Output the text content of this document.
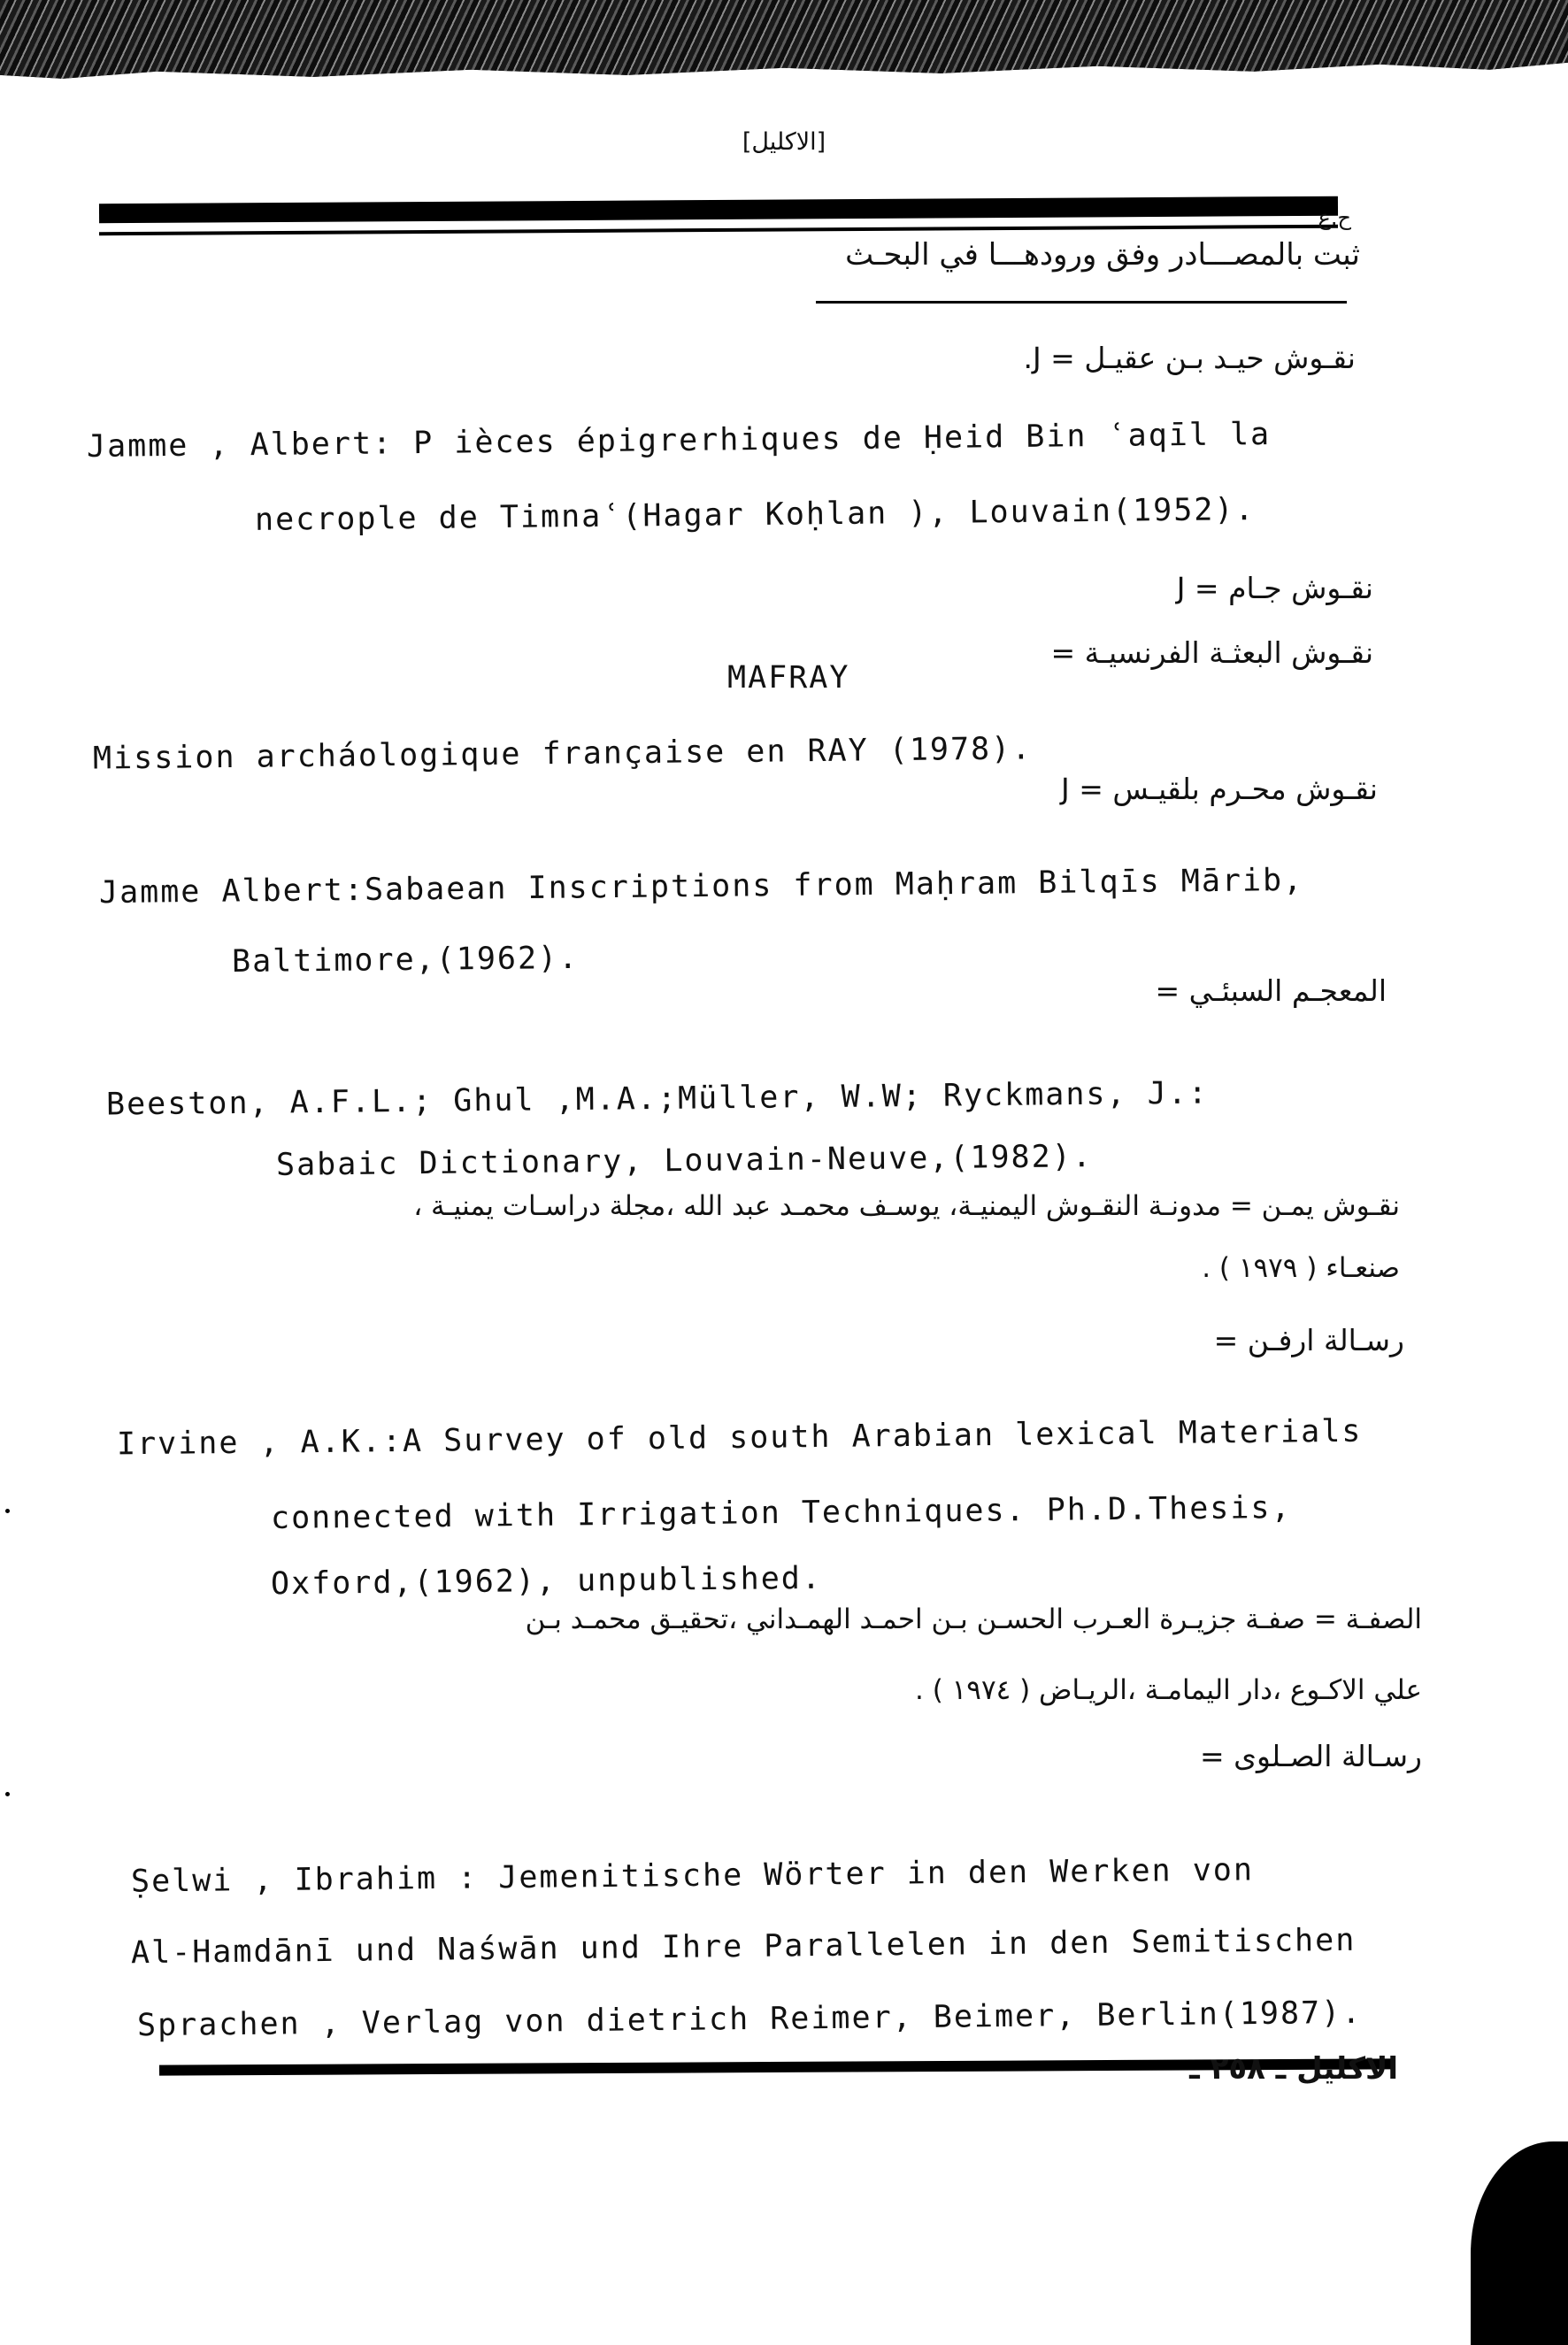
[الاكليل]
ح.ع
ثبت بالمصـــادر وفق ورودهـــا في البحـث
نقـوش حيـد بـن عقيـل = J.
Jamme , Albert: P ièces épigrerhiques de Ḥeid Bin ʿaqīl la
necrople de Timnaʿ(Hagar Koḥlan ), Louvain(1952).
نقـوش جـام = J
نقـوش البعثـة الفرنسيـة =
MAFRAY
Mission archáologique française en RAY (1978).
نقـوش محـرم بلقيـس = J
Jamme Albert:Sabaean Inscriptions from Maḥram Bilqīs Mārib,
Baltimore,(1962).
المعجـم السبئـي =
Beeston, A.F.L.; Ghul ,M.A.;Müller, W.W; Ryckmans, J.:
Sabaic Dictionary, Louvain-Neuve,(1982).
نقـوش يمـن = مدونـة النقـوش اليمنيـة، يوسـف محمـد عبد الله ،مجلة دراسـات يمنيـة ،
صنعـاء ( ١٩٧٩ ) .
رسـالة ارفـن =
Irvine , A.K.:A Survey of old south Arabian lexical Materials
connected with Irrigation Techniques. Ph.D.Thesis,
Oxford,(1962), unpublished.
الصفـة = صفـة جزيـرة العـرب الحسـن بـن احمـد الهمـداني ،تحقيـق محمـد بـن
علي الاكـوع ،دار اليمامـة ،الريـاض ( ١٩٧٤ ) .
رسـالة الصـلوى =
Ṣelwi , Ibrahim : Jemenitische Wörter in den Werken von
Al-Hamdānī und Naśwān und Ihre Parallelen in den Semitischen
Sprachen , Verlag von dietrich Reimer, Beimer, Berlin(1987).
الاكليل ـ ٢٥٨ ـ
